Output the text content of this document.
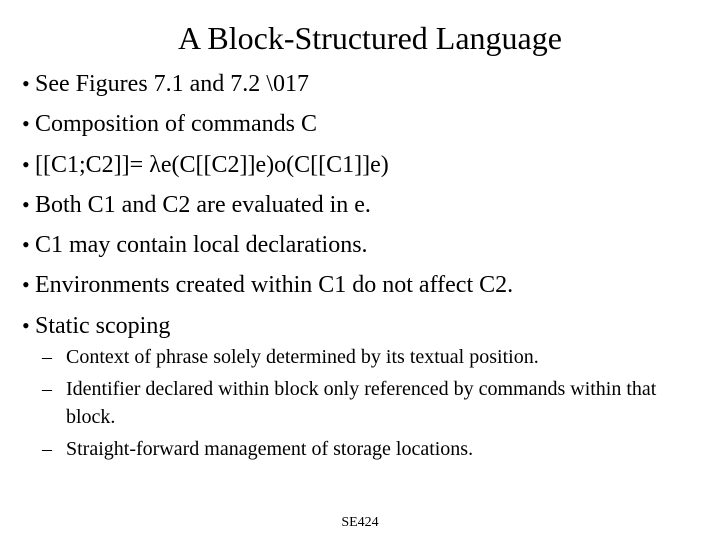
A Block-Structured Language
• See Figures 7.1 and 7.2 \017
• Composition of commands C
• [[C1;C2]]= λe(C[[C2]]e)o(C[[C1]]e)
• Both C1 and C2 are evaluated in e.
• C1 may contain local declarations.
• Environments created within C1 do not affect C2.
• Static scoping
– Context of phrase solely determined by its textual position.
– Identifier declared within block only referenced by commands within that block.
– Straight-forward management of storage locations.
SE424
